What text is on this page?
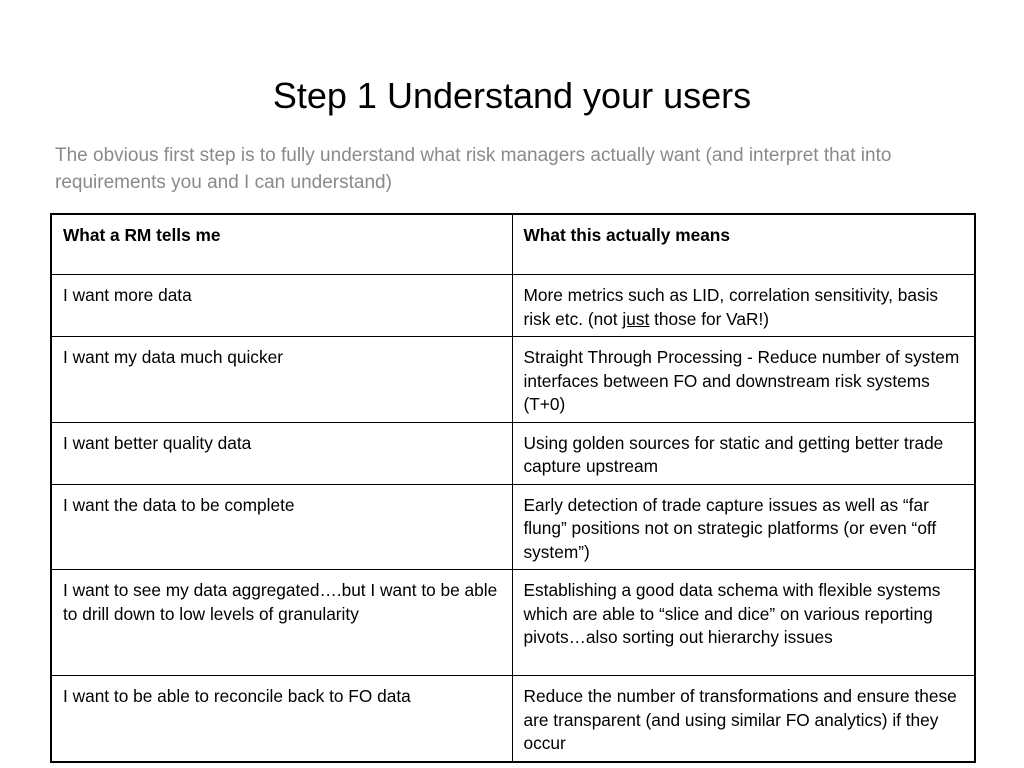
Step 1 Understand your users

The obvious first step is to fully understand what risk managers actually want (and interpret that into requirements you and I can understand)

What a RM tells me	What this actually means
I want more data	More metrics such as LID, correlation sensitivity, basis risk etc. (not just those for VaR!)
I want my data much quicker	Straight Through Processing - Reduce number of system interfaces between FO and downstream risk systems (T+0)
I want better quality data	Using golden sources for static and getting better trade capture upstream
I want the data to be complete	Early detection of trade capture issues as well as “far flung” positions not on strategic platforms (or even “off system”)
I want to see my data aggregated….but I want to be able to drill down to low levels of granularity	Establishing a good data schema with flexible systems which are able to “slice and dice” on various reporting pivots…also sorting out hierarchy issues
I want to be able to reconcile back to FO data	Reduce the number of transformations and ensure these are transparent (and using similar FO analytics) if they occur
